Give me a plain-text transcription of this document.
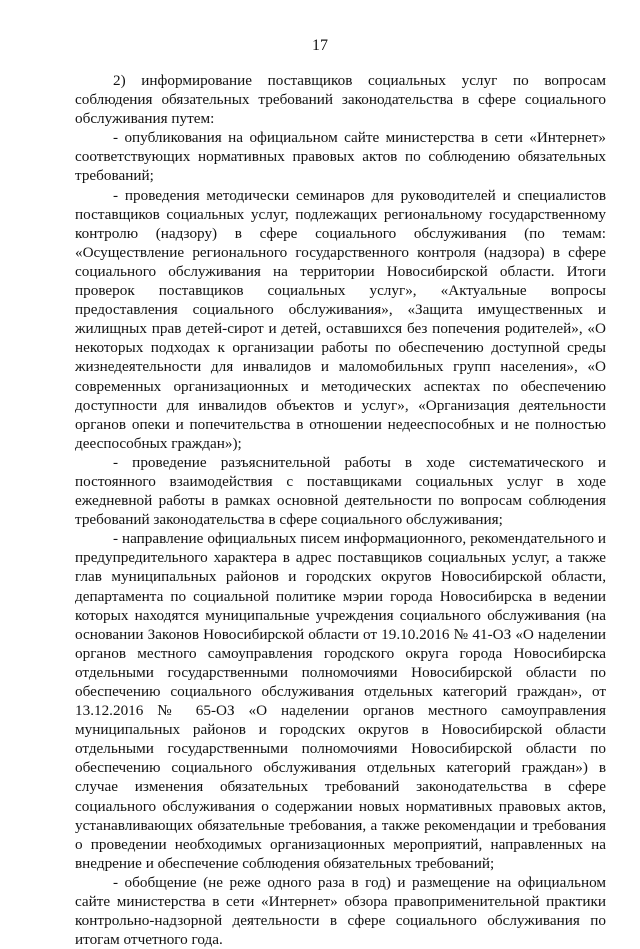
17

2) информирование поставщиков социальных услуг по вопросам соблюдения обязательных требований законодательства в сфере социального обслуживания путем:

- опубликования на официальном сайте министерства в сети «Интернет» соответствующих нормативных правовых актов по соблюдению обязательных требований;

- проведения методически семинаров для руководителей и специалистов поставщиков социальных услуг, подлежащих региональному государственному контролю (надзору) в сфере социального обслуживания (по темам: «Осуществление регионального государственного контроля (надзора) в сфере социального обслуживания на территории Новосибирской области. Итоги проверок поставщиков социальных услуг», «Актуальные вопросы предоставления социального обслуживания», «Защита имущественных и жилищных прав детей-сирот и детей, оставшихся без попечения родителей», «О некоторых подходах к организации работы по обеспечению доступной среды жизнедеятельности для инвалидов и маломобильных групп населения», «О современных организационных и методических аспектах по обеспечению доступности для инвалидов объектов и услуг», «Организация деятельности органов опеки и попечительства в отношении недееспособных и не полностью дееспособных граждан»);

- проведение разъяснительной работы в ходе систематического и постоянного взаимодействия с поставщиками социальных услуг в ходе ежедневной работы в рамках основной деятельности по вопросам соблюдения требований законодательства в сфере социального обслуживания;

- направление официальных писем информационного, рекомендательного и предупредительного характера в адрес поставщиков социальных услуг, а также глав муниципальных районов и городских округов Новосибирской области, департамента по социальной политике мэрии города Новосибирска в ведении которых находятся муниципальные учреждения социального обслуживания (на основании Законов Новосибирской области от 19.10.2016 № 41-ОЗ «О наделении органов местного самоуправления городского округа города Новосибирска отдельными государственными полномочиями Новосибирской области по обеспечению социального обслуживания отдельных категорий граждан», от 13.12.2016 № 65-ОЗ «О наделении органов местного самоуправления муниципальных районов и городских округов в Новосибирской области отдельными государственными полномочиями Новосибирской области по обеспечению социального обслуживания отдельных категорий граждан») в случае изменения обязательных требований законодательства в сфере социального обслуживания о содержании новых нормативных правовых актов, устанавливающих обязательные требования, а также рекомендации и требования о проведении необходимых организационных мероприятий, направленных на внедрение и обеспечение соблюдения обязательных требований;

- обобщение (не реже одного раза в год) и размещение на официальном сайте министерства в сети «Интернет» обзора правоприменительной практики контрольно-надзорной деятельности в сфере социального обслуживания по итогам отчетного года.
